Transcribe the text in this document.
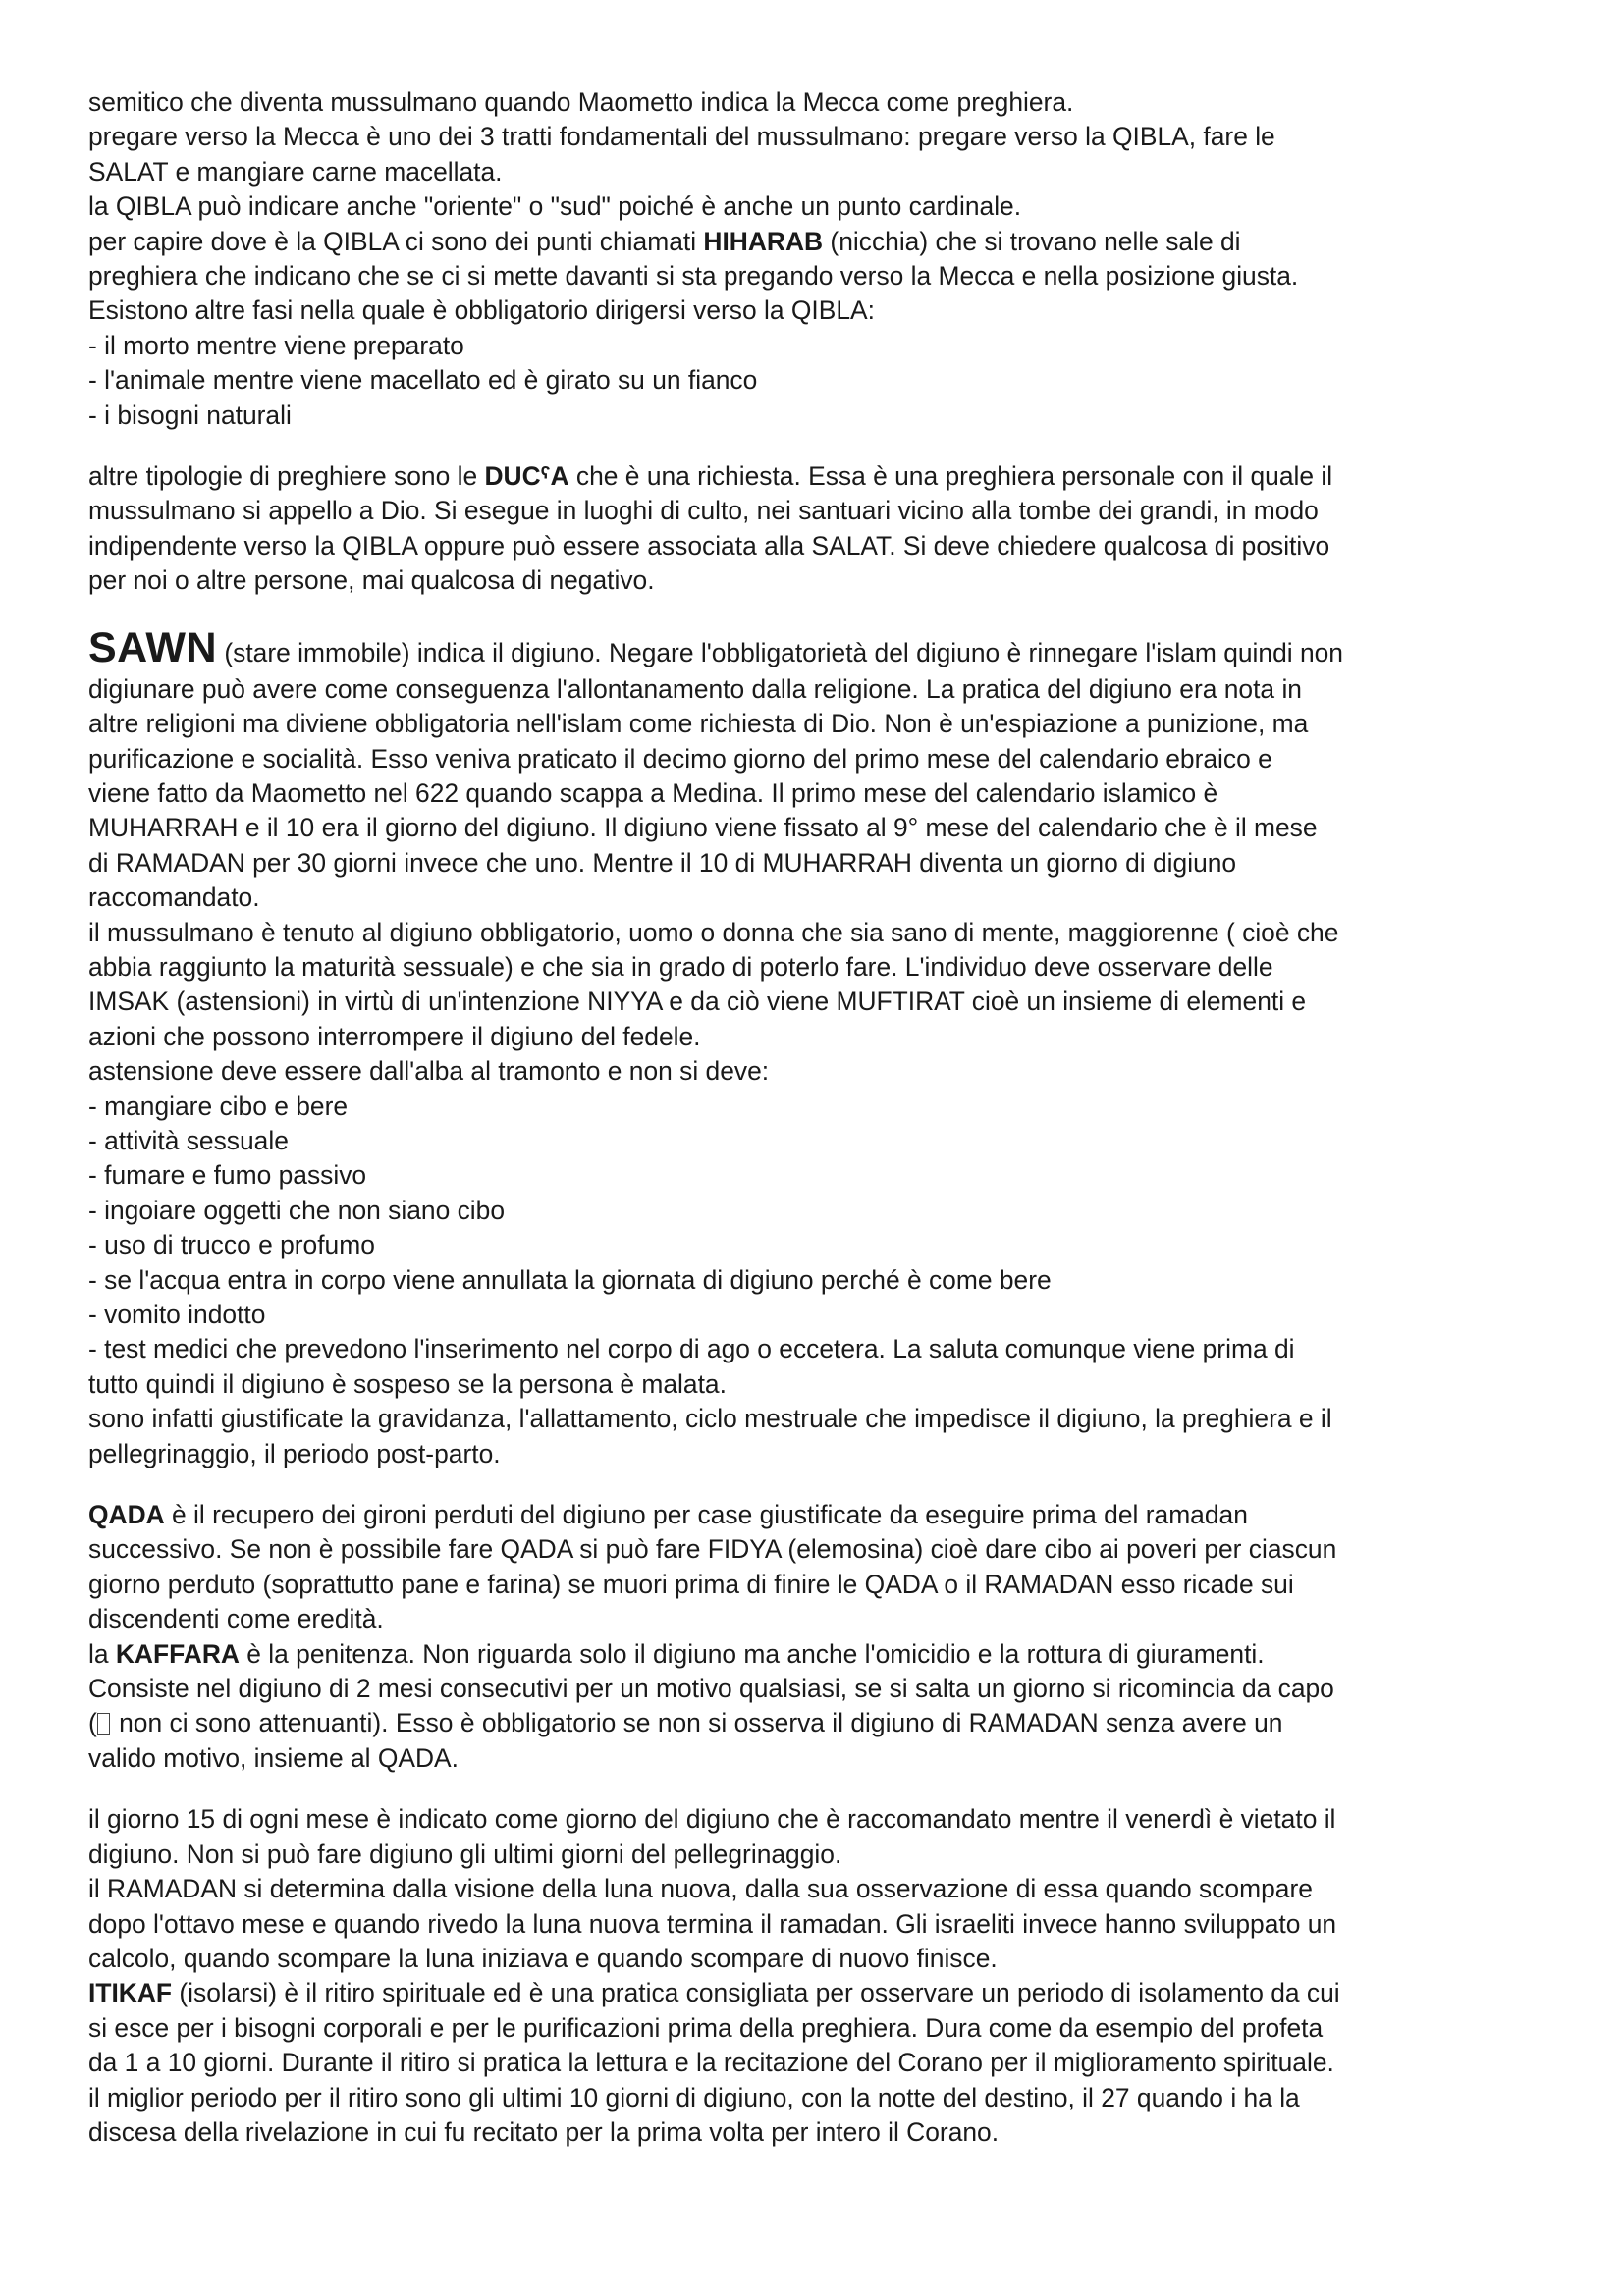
semitico che diventa mussulmano quando Maometto indica la Mecca come preghiera.
pregare verso la Mecca è uno dei 3 tratti fondamentali del mussulmano: pregare verso la QIBLA, fare le
SALAT e mangiare carne macellata.
la QIBLA può indicare anche "oriente" o "sud" poiché è anche un punto cardinale.
per capire dove è la QIBLA ci sono dei punti chiamati HIHARAB (nicchia) che si trovano nelle sale di
preghiera che indicano che se ci si mette davanti si sta pregando verso la Mecca e nella posizione giusta.
Esistono altre fasi nella quale è obbligatorio dirigersi verso la QIBLA:
- il morto mentre viene preparato
- l'animale mentre viene macellato ed è girato su un fianco
- i bisogni naturali
altre tipologie di preghiere sono le DUCˁA che è una richiesta. Essa è una preghiera personale con il quale il
mussulmano si appello a Dio. Si esegue in luoghi di culto, nei santuari vicino alla tombe dei grandi, in modo
indipendente verso la QIBLA oppure può essere associata alla SALAT. Si deve chiedere qualcosa di positivo
per noi o altre persone, mai qualcosa di negativo.
SAWN (stare immobile) indica il digiuno. Negare l'obbligatorietà del digiuno è rinnegare l'islam quindi non
digiunare può avere come conseguenza l'allontanamento dalla religione. La pratica del digiuno era nota in
altre religioni ma diviene obbligatoria nell'islam come richiesta di Dio. Non è un'espiazione a punizione, ma
purificazione e socialità. Esso veniva praticato il decimo giorno del primo mese del calendario ebraico e
viene fatto da Maometto nel 622 quando scappa a Medina. Il primo mese del calendario islamico è
MUHARRAH e il 10 era il giorno del digiuno. Il digiuno viene fissato al 9° mese del calendario che è il mese
di RAMADAN per 30 giorni invece che uno. Mentre il 10 di MUHARRAH diventa un giorno di digiuno
raccomandato.
il mussulmano è tenuto al digiuno obbligatorio, uomo o donna che sia sano di mente, maggiorenne ( cioè che
abbia raggiunto la maturità sessuale) e che sia in grado di poterlo fare. L'individuo deve osservare delle
IMSAK (astensioni) in virtù di un'intenzione NIYYA e da ciò viene MUFTIRAT cioè un insieme di elementi e
azioni che possono interrompere il digiuno del fedele.
astensione deve essere dall'alba al tramonto e non si deve:
- mangiare cibo e bere
- attività sessuale
- fumare e fumo passivo
- ingoiare oggetti che non siano cibo
- uso di trucco e profumo
- se l'acqua entra in corpo viene annullata la giornata di digiuno perché è come bere
- vomito indotto
- test medici che prevedono l'inserimento nel corpo di ago o eccetera. La saluta comunque viene prima di
tutto quindi il digiuno è sospeso se la persona è malata.
sono infatti giustificate la gravidanza, l'allattamento, ciclo mestruale che impedisce il digiuno, la preghiera e il
pellegrinaggio, il periodo post-parto.
QADA è il recupero dei gironi perduti del digiuno per case giustificate da eseguire prima del ramadan
successivo. Se non è possibile fare QADA si può fare FIDYA (elemosina) cioè dare cibo ai poveri per ciascun
giorno perduto (soprattutto pane e farina) se muori prima di finire le QADA o il RAMADAN esso ricade sui
discendenti come eredità.
la KAFFARA è la penitenza. Non riguarda solo il digiuno ma anche l'omicidio e la rottura di giuramenti.
Consiste nel digiuno di 2 mesi consecutivi per un motivo qualsiasi, se si salta un giorno si ricomincia da capo
( non ci sono attenuanti). Esso è obbligatorio se non si osserva il digiuno di RAMADAN senza avere un
valido motivo, insieme al QADA.
il giorno 15 di ogni mese è indicato come giorno del digiuno che è raccomandato mentre il venerdì è vietato il
digiuno. Non si può fare digiuno gli ultimi giorni del pellegrinaggio.
il RAMADAN si determina dalla visione della luna nuova, dalla sua osservazione di essa quando scompare
dopo l'ottavo mese e quando rivedo la luna nuova termina il ramadan. Gli israeliti invece hanno sviluppato un
calcolo, quando scompare la luna iniziava e quando scompare di nuovo finisce.
ITIKAF (isolarsi) è il ritiro spirituale ed è una pratica consigliata per osservare un periodo di isolamento da cui
si esce per i bisogni corporali e per le purificazioni prima della preghiera. Dura come da esempio del profeta
da 1 a 10 giorni. Durante il ritiro si pratica la lettura e la recitazione del Corano per il miglioramento spirituale.
il miglior periodo per il ritiro sono gli ultimi 10 giorni di digiuno, con la notte del destino, il 27 quando i ha la
discesa della rivelazione in cui fu recitato per la prima volta per intero il Corano.
